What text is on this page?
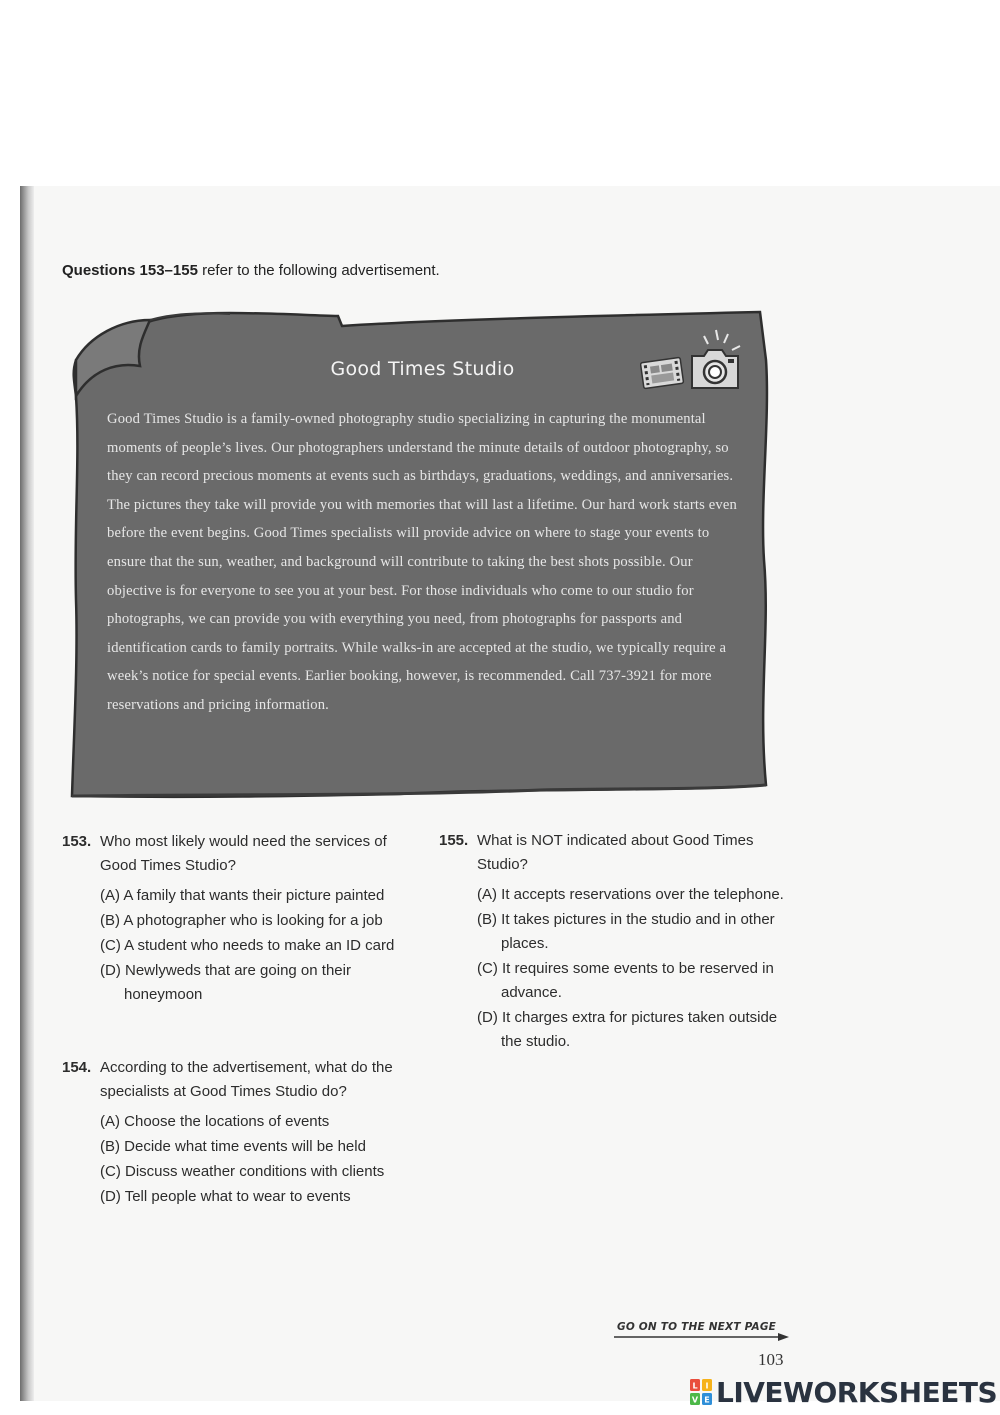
Questions 153–155 refer to the following advertisement.
Good Times Studio
Good Times Studio is a family-owned photography studio specializing in capturing the monumental moments of people’s lives. Our photographers understand the minute details of outdoor photography, so they can record precious moments at events such as birthdays, graduations, weddings, and anniversaries. The pictures they take will provide you with memories that will last a lifetime. Our hard work starts even before the event begins. Good Times specialists will provide advice on where to stage your events to ensure that the sun, weather, and background will contribute to taking the best shots possible. Our objective is for everyone to see you at your best. For those individuals who come to our studio for photographs, we can provide you with everything you need, from photographs for passports and identification cards to family portraits. While walks-in are accepted at the studio, we typically require a week’s notice for special events. Earlier booking, however, is recommended. Call 737-3921 for more reservations and pricing information.
153. Who most likely would need the services of Good Times Studio?
(A) A family that wants their picture painted
(B) A photographer who is looking for a job
(C) A student who needs to make an ID card
(D) Newlyweds that are going on their honeymoon
154. According to the advertisement, what do the specialists at Good Times Studio do?
(A) Choose the locations of events
(B) Decide what time events will be held
(C) Discuss weather conditions with clients
(D) Tell people what to wear to events
155. What is NOT indicated about Good Times Studio?
(A) It accepts reservations over the telephone.
(B) It takes pictures in the studio and in other places.
(C) It requires some events to be reserved in advance.
(D) It charges extra for pictures taken outside the studio.
GO ON TO THE NEXT PAGE
103
L I
V E LIVEWORKSHEETS
